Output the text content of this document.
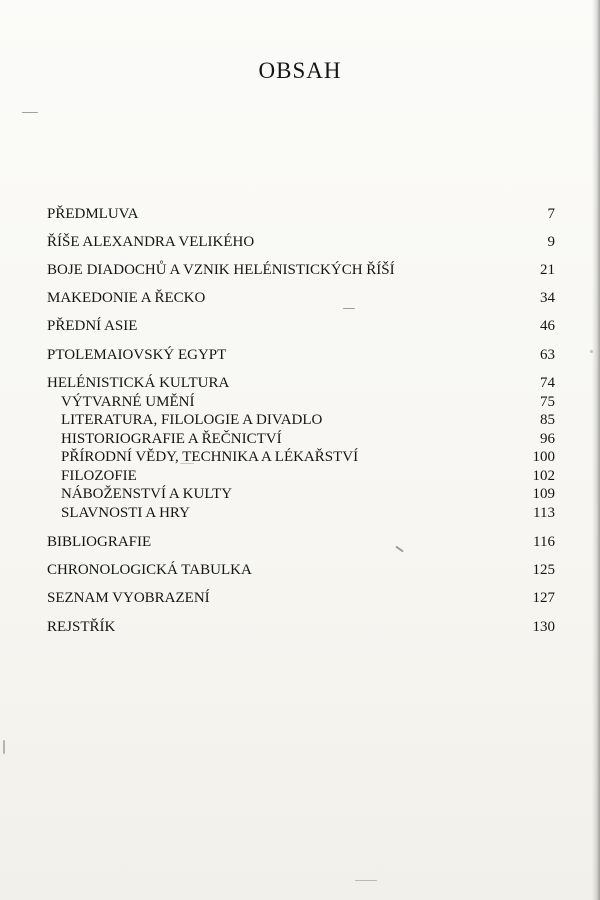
OBSAH
PŘEDMLUVA	7
ŘÍŠE ALEXANDRA VELIKÉHO	9
BOJE DIADOCHŮ A VZNIK HELÉNISTICKÝCH ŘÍŠÍ	21
MAKEDONIE A ŘECKO	34
PŘEDNÍ ASIE	46
PTOLEMAIOVSKÝ EGYPT	63
HELÉNISTICKÁ KULTURA	74
VÝTVARNÉ UMĚNÍ	75
LITERATURA, FILOLOGIE A DIVADLO	85
HISTORIOGRAFIE A ŘEČNICTVÍ	96
PŘÍRODNÍ VĚDY, TECHNIKA A LÉKAŘSTVÍ	100
FILOZOFIE	102
NÁBOŽENSTVÍ A KULTY	109
SLAVNOSTI A HRY	113
BIBLIOGRAFIE	116
CHRONOLOGICKÁ TABULKA	125
SEZNAM VYOBRAZENÍ	127
REJSTŘÍK	130
